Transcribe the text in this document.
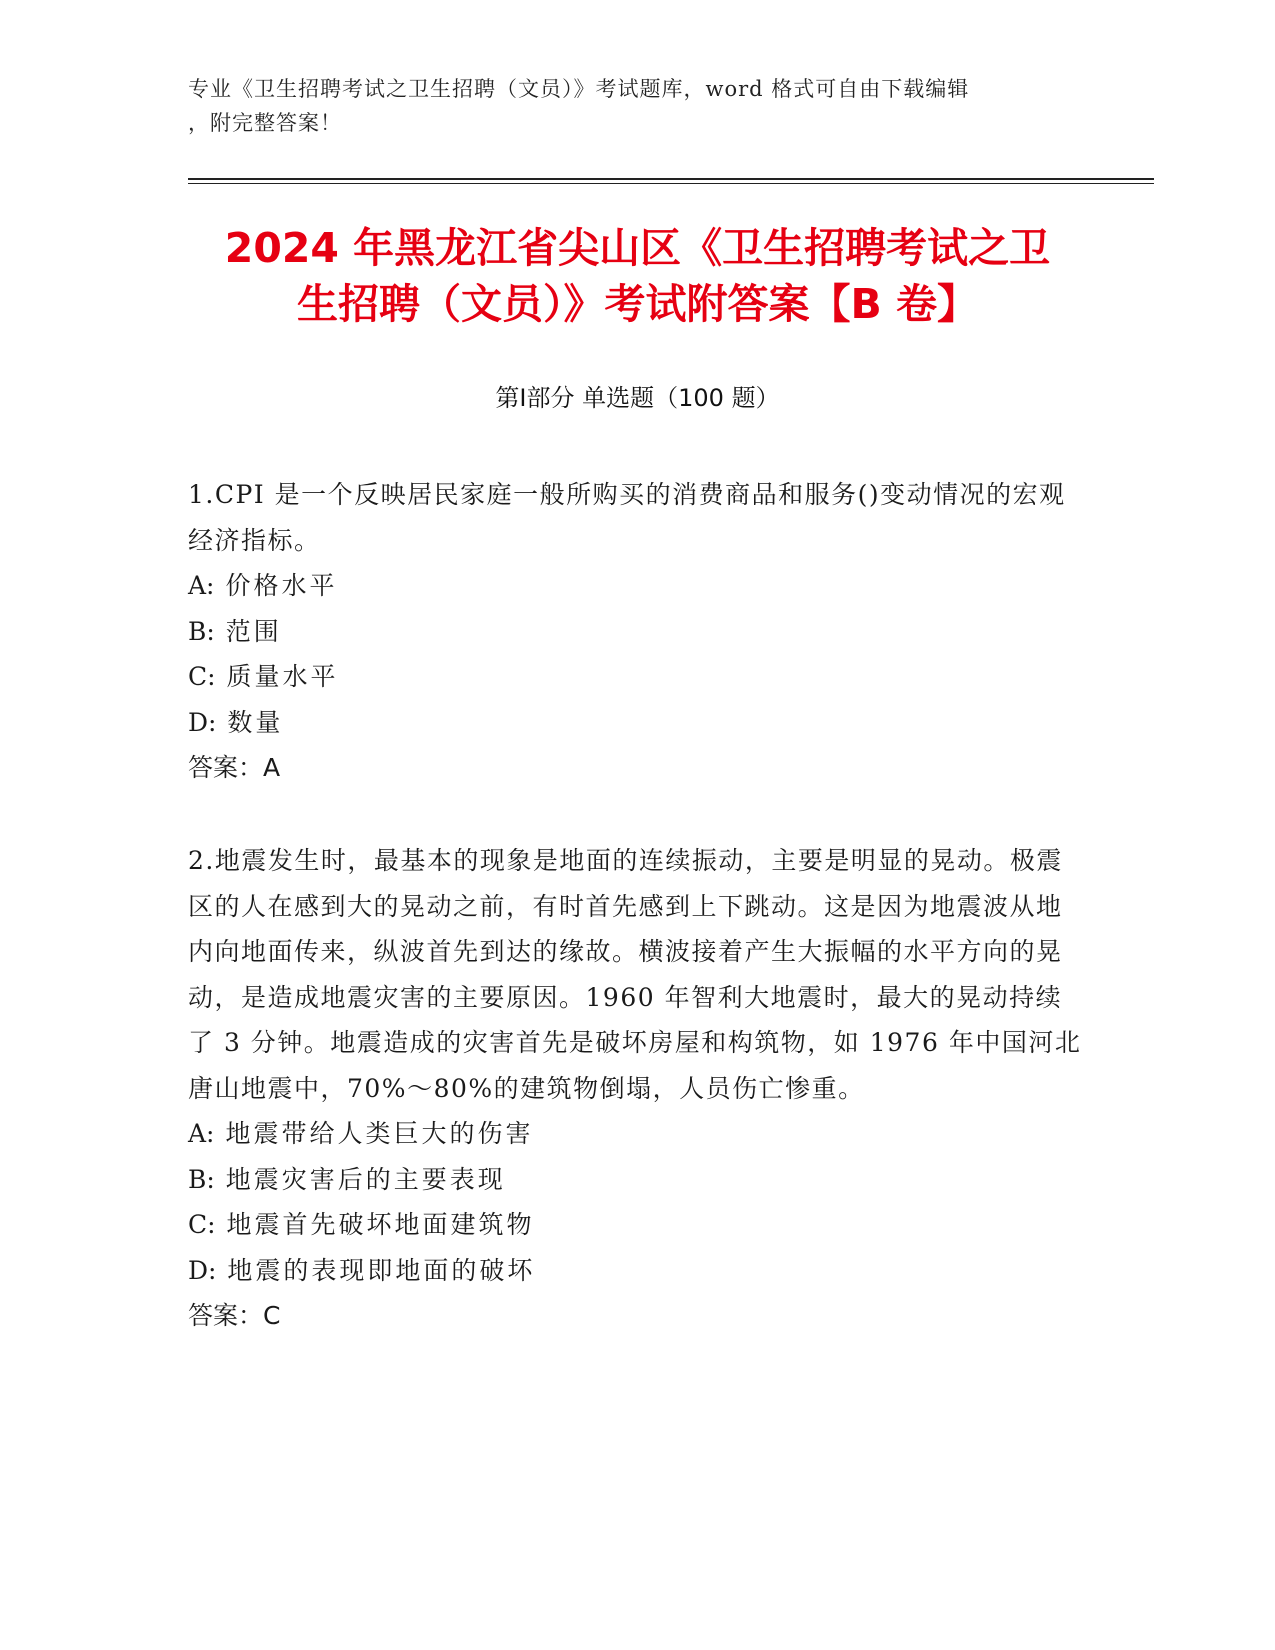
专业《卫生招聘考试之卫生招聘（文员）》考试题库，word 格式可自由下载编辑
，附完整答案！
2024 年黑龙江省尖山区《卫生招聘考试之卫
生招聘（文员）》考试附答案【B 卷】
第Ⅰ部分 单选题（100 题）

1.CPI 是一个反映居民家庭一般所购买的消费商品和服务()变动情况的宏观经济指标。

A: 价格水平

B: 范围

C: 质量水平

D: 数量

答案：A

2.地震发生时，最基本的现象是地面的连续振动，主要是明显的晃动。极震区的人在感到大的晃动之前，有时首先感到上下跳动。这是因为地震波从地内向地面传来，纵波首先到达的缘故。横波接着产生大振幅的水平方向的晃动，是造成地震灾害的主要原因。1960 年智利大地震时，最大的晃动持续了 3 分钟。地震造成的灾害首先是破坏房屋和构筑物，如 1976 年中国河北唐山地震中，70%～80%的建筑物倒塌，人员伤亡惨重。

A: 地震带给人类巨大的伤害

B: 地震灾害后的主要表现

C: 地震首先破坏地面建筑物

D: 地震的表现即地面的破坏

答案：C
